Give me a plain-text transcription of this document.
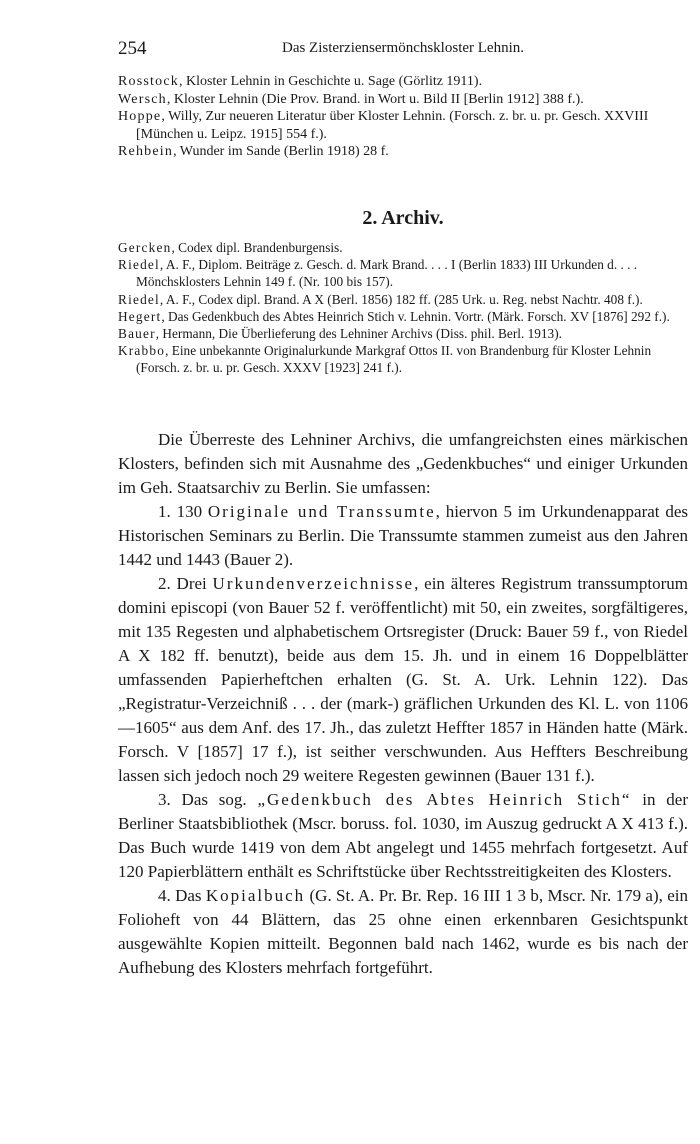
254	Das Zisterziensermönchskloster Lehnin.
Rosstock, Kloster Lehnin in Geschichte u. Sage (Görlitz 1911).
Wersch, Kloster Lehnin (Die Prov. Brand. in Wort u. Bild II [Berlin 1912] 388 f.).
Hoppe, Willy, Zur neueren Literatur über Kloster Lehnin. (Forsch. z. br. u. pr. Gesch. XXVIII [München u. Leipz. 1915] 554 f.).
Rehbein, Wunder im Sande (Berlin 1918) 28 f.
2. Archiv.
Gercken, Codex dipl. Brandenburgensis.
Riedel, A. F., Diplom. Beiträge z. Gesch. d. Mark Brand. . . . I (Berlin 1833) III Urkunden d. . . . Mönchsklosters Lehnin 149 f. (Nr. 100 bis 157).
Riedel, A. F., Codex dipl. Brand. A X (Berl. 1856) 182 ff. (285 Urk. u. Reg. nebst Nachtr. 408 f.).
Hegert, Das Gedenkbuch des Abtes Heinrich Stich v. Lehnin. Vortr. (Märk. Forsch. XV [1876] 292 f.).
Bauer, Hermann, Die Überlieferung des Lehniner Archivs (Diss. phil. Berl. 1913).
Krabbo, Eine unbekannte Originalurkunde Markgraf Ottos II. von Brandenburg für Kloster Lehnin (Forsch. z. br. u. pr. Gesch. XXXV [1923] 241 f.).

Die Überreste des Lehniner Archivs, die umfangreichsten eines märkischen Klosters, befinden sich mit Ausnahme des „Gedenkbuches“ und einiger Urkunden im Geh. Staatsarchiv zu Berlin. Sie umfassen:

1. 130 Originale und Transsumte, hiervon 5 im Urkundenapparat des Historischen Seminars zu Berlin. Die Transsumte stammen zumeist aus den Jahren 1442 und 1443 (Bauer 2).

2. Drei Urkundenverzeichnisse, ein älteres Registrum transsumptorum domini episcopi (von Bauer 52 f. veröffentlicht) mit 50, ein zweites, sorgfältigeres, mit 135 Regesten und alphabetischem Ortsregister (Druck: Bauer 59 f., von Riedel A X 182 ff. benutzt), beide aus dem 15. Jh. und in einem 16 Doppelblätter umfassenden Papierheftchen erhalten (G. St. A. Urk. Lehnin 122). Das „Registratur-Verzeichniß . . . der (mark-) gräflichen Urkunden des Kl. L. von 1106—1605“ aus dem Anf. des 17. Jh., das zuletzt Heffter 1857 in Händen hatte (Märk. Forsch. V [1857] 17 f.), ist seither verschwunden. Aus Heffters Beschreibung lassen sich jedoch noch 29 weitere Regesten gewinnen (Bauer 131 f.).

3. Das sog. „Gedenkbuch des Abtes Heinrich Stich“ in der Berliner Staatsbibliothek (Mscr. boruss. fol. 1030, im Auszug gedruckt A X 413 f.). Das Buch wurde 1419 von dem Abt angelegt und 1455 mehrfach fortgesetzt. Auf 120 Papierblättern enthält es Schriftstücke über Rechtsstreitigkeiten des Klosters.

4. Das Kopialbuch (G. St. A. Pr. Br. Rep. 16 III 1 3 b, Mscr. Nr. 179 a), ein Folioheft von 44 Blättern, das 25 ohne einen erkennbaren Gesichtspunkt ausgewählte Kopien mitteilt. Begonnen bald nach 1462, wurde es bis nach der Aufhebung des Klosters mehrfach fortgeführt.
